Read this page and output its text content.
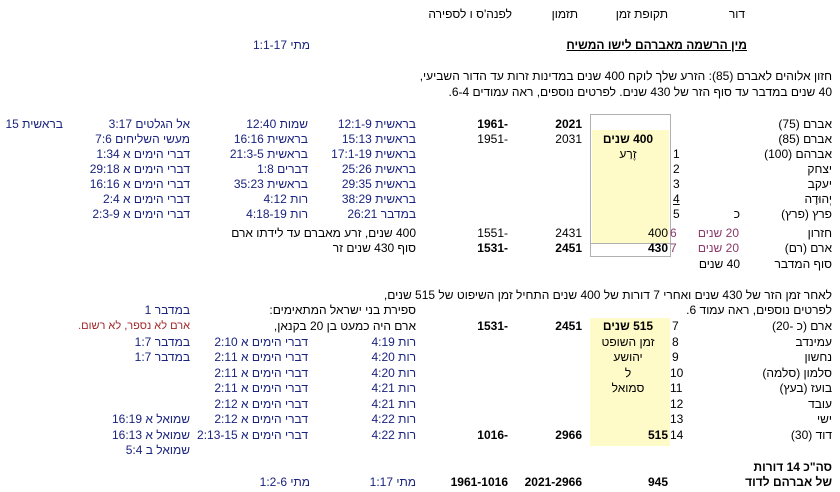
דור
תקופת זמן
תזמון
לפנה'ס ו לספירה
מין הרשמה מאברהם לישו המשיח
מתי 1:1-17
חזון אלוהים לאברם (85): הזרע שלך לוקח 400 שנים במדינות זרות עד הדור השביעי,
40 שנים במדבר עד סוף הזר של 430 שנים. לפרטים נוספים, ראה עמודים 6-4.
אברם (75)
2021
-1961
בראשית 12:1-9
שמות 12:40
אל הגלטים 3:17
בראשית 15
אברם (85)
400 שנים
2031
-1951
בראשית 15:13
בראשית 16:16
מעשי השליחים 7:6
אברהם (100)
1
זֶרַע
בראשית 17:1-19
בראשית 21:3-5
דברי הימים א 1:34
יצחק
2
בראשית 25:26
דברים 1:8
דברי הימים א 29:18
יעקב
3
בראשית 29:35
בראשית 35:23
דברי הימים א 16:16
יְהוּדָה
4
בראשית 38:29
רות 4:12
דברי הימים א 2:4
פרץ (פרץ)
כ
5
במדבר 26:21
רות 4:18-19
דברי הימים א 2:3-9
חזרון
20 שנים
6
400
2431
-1551
400 שנים, זרע מאברם עד לידתו ארם
ארם (רם)
20 שנים
7
430
2451
-1531
סוף 430 שנים זר
סוף המדבר
40 שנים
לאחר זמן הזר של 430 שנים ואחרי 7 דורות של 400 שנים התחיל זמן השיפוט של 515 שנים,
לפרטים נוספים, ראה עמוד 6.
ספירת בני ישראל המתאימים:
במדבר 1
ארם (כ -20)
7
515 שנים
2451
-1531
ארם היה כמעט בן 20 בקנאן,
ארם לא נספר, לא רשום.
עמינדב
8
זמן השופט
רות 4:19
דברי הימים א 2:10
במדבר 1:7
נחשון
9
יהושע
רות 4:20
דברי הימים א 2:11
במדבר 1:7
סלמון (סלמה)
10
ל
רות 4:20
דברי הימים א 2:11
בועז (בעץ)
11
סמואל
רות 4:21
דברי הימים א 2:11
עובד
12
רות 4:21
דברי הימים א 2:12
ישי
13
רות 4:22
דברי הימים א 2:12
שמואל א 16:19
דוד (30)
14
515
2966
-1016
רות 4:22
דברי הימים א 2:13-15
שמואל א 16:13
שמואל ב 5:4
סה"כ 14 דורות
של אברהם לדוד
945
2021-2966
1961-1016
מתי 1:17
מתי 1:2-6
